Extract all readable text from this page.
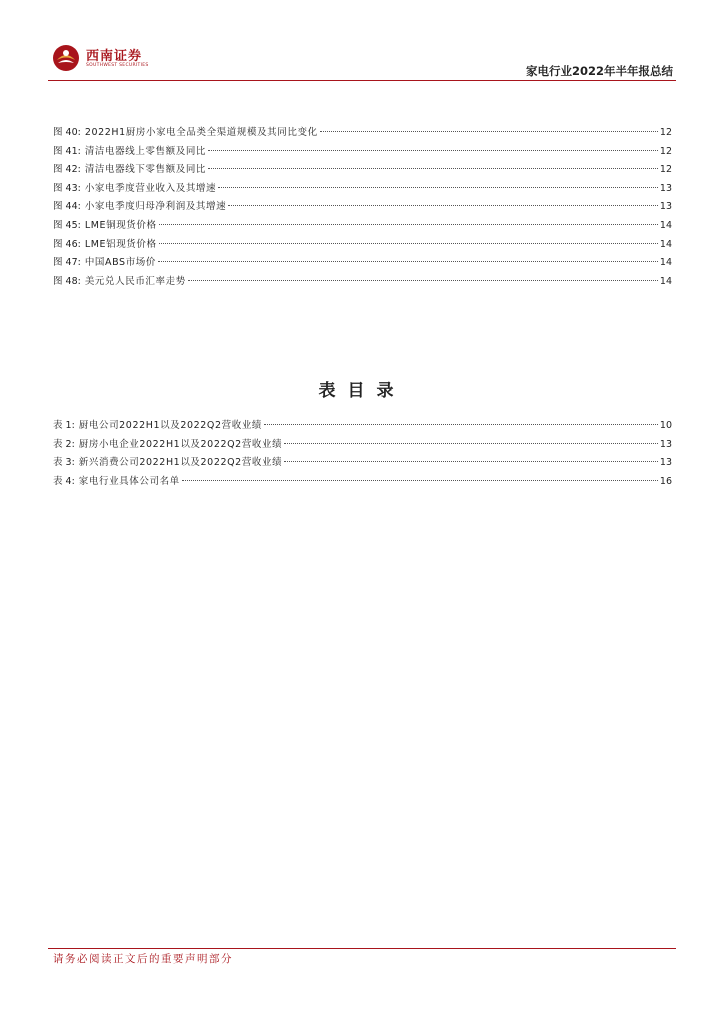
西南证券
SOUTHWEST SECURITIES	家电行业2022年半年报总结
图 40: 2022H1厨房小家电全品类全渠道规模及其同比变化	12
图 41: 清洁电器线上零售额及同比	12
图 42: 清洁电器线下零售额及同比	12
图 43: 小家电季度营业收入及其增速	13
图 44: 小家电季度归母净利润及其增速	13
图 45: LME铜现货价格	14
图 46: LME铝现货价格	14
图 47: 中国ABS市场价	14
图 48: 美元兑人民币汇率走势	14
表目录
表 1: 厨电公司2022H1以及2022Q2营收业绩	10
表 2: 厨房小电企业2022H1以及2022Q2营收业绩	13
表 3: 新兴消费公司2022H1以及2022Q2营收业绩	13
表 4: 家电行业具体公司名单	16
请务必阅读正文后的重要声明部分
